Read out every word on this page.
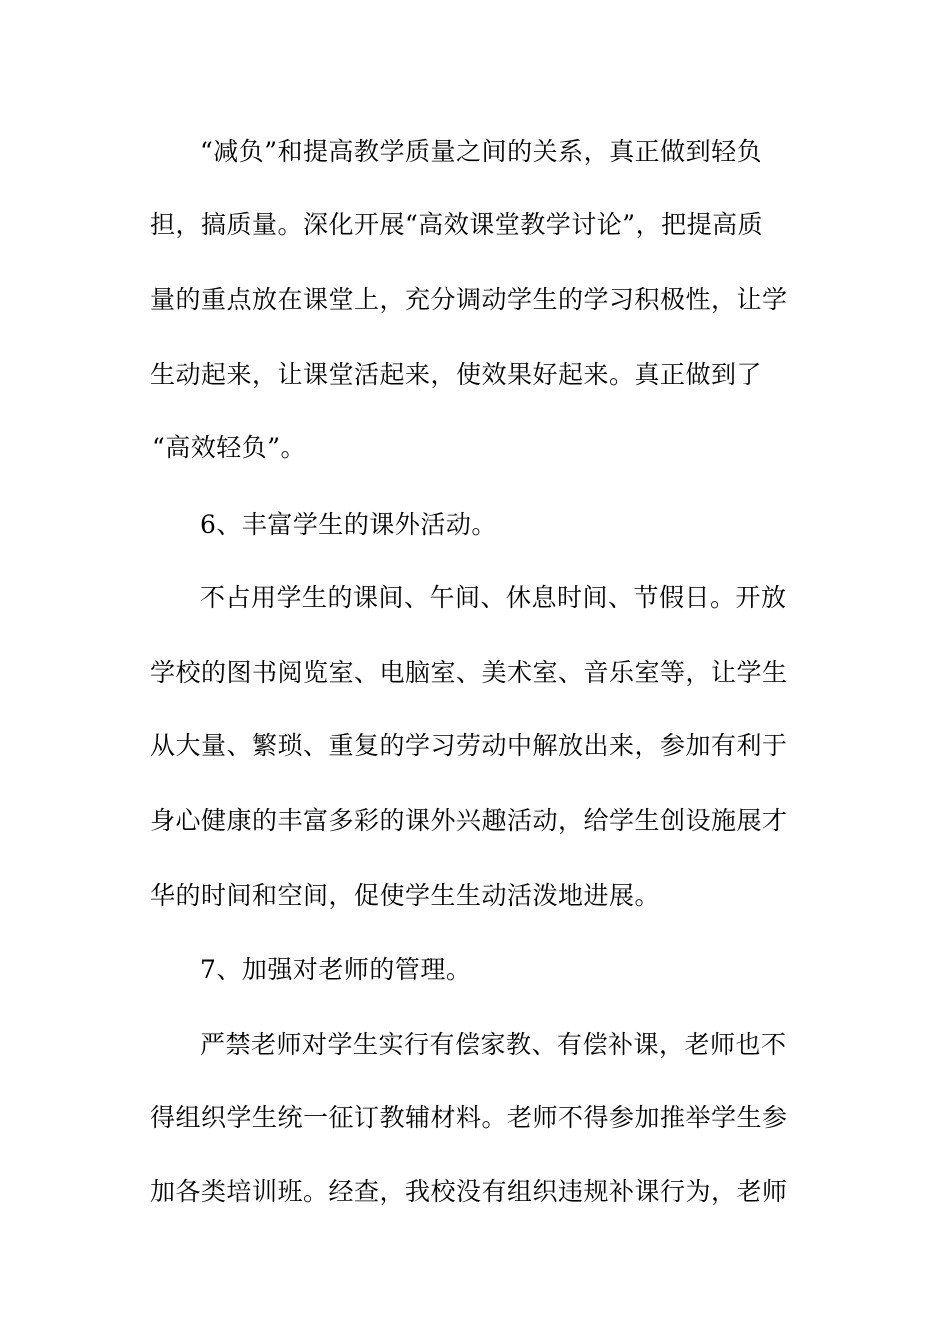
“减负”和提高教学质量之间的关系，真正做到轻负
担，搞质量。深化开展“高效课堂教学讨论”，把提高质
量的重点放在课堂上，充分调动学生的学习积极性，让学
生动起来，让课堂活起来，使效果好起来。真正做到了
“高效轻负”。
6、丰富学生的课外活动。
不占用学生的课间、午间、休息时间、节假日。开放
学校的图书阅览室、电脑室、美术室、音乐室等，让学生
从大量、繁琐、重复的学习劳动中解放出来，参加有利于
身心健康的丰富多彩的课外兴趣活动，给学生创设施展才
华的时间和空间，促使学生生动活泼地进展。
7、加强对老师的管理。
严禁老师对学生实行有偿家教、有偿补课，老师也不
得组织学生统一征订教辅材料。老师不得参加推举学生参
加各类培训班。经查，我校没有组织违规补课行为，老师
